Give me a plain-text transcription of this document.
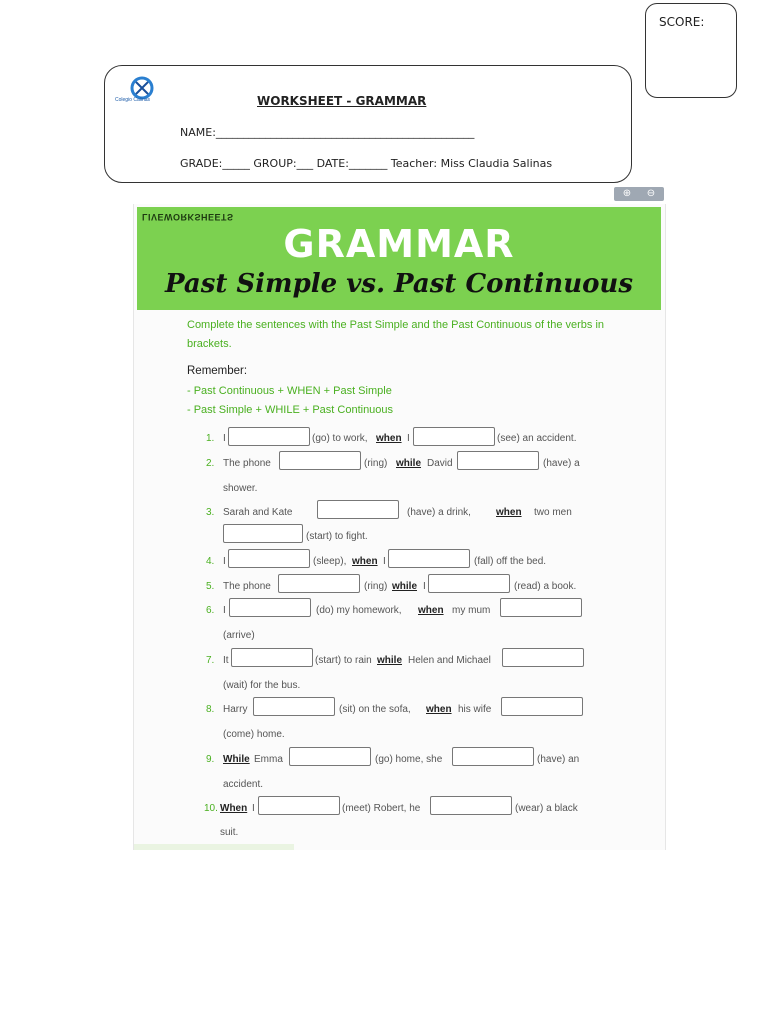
SCORE:
Colegio Calinas	WORKSHEET - GRAMMAR
NAME:_______________________________________________
GRADE:_____ GROUP:___ DATE:_______ Teacher: Miss Claudia Salinas
⊕ ⊖
LIVEWORKSHEETS
GRAMMAR
Past Simple vs. Past Continuous
Complete the sentences with the Past Simple and the Past Continuous of the verbs in brackets.
Remember:
- Past Continuous + WHEN + Past Simple
- Past Simple + WHILE + Past Continuous
1. I	(go) to work, when I	(see) an accident.
2. The phone	(ring) while David	(have) a
shower.
3. Sarah and Kate	(have) a drink,	when two men
(start) to fight.
4. I	(sleep), when I	(fall) off the bed.
5. The phone	(ring) while I	(read) a book.
6. I	(do) my homework, when my mum
(arrive)
7. It	(start) to rain while Helen and Michael
(wait) for the bus.
8. Harry	(sit) on the sofa, when his wife
(come) home.
9. While Emma	(go) home, she	(have) an
accident.
10. When I	(meet) Robert, he	(wear) a black
suit.
